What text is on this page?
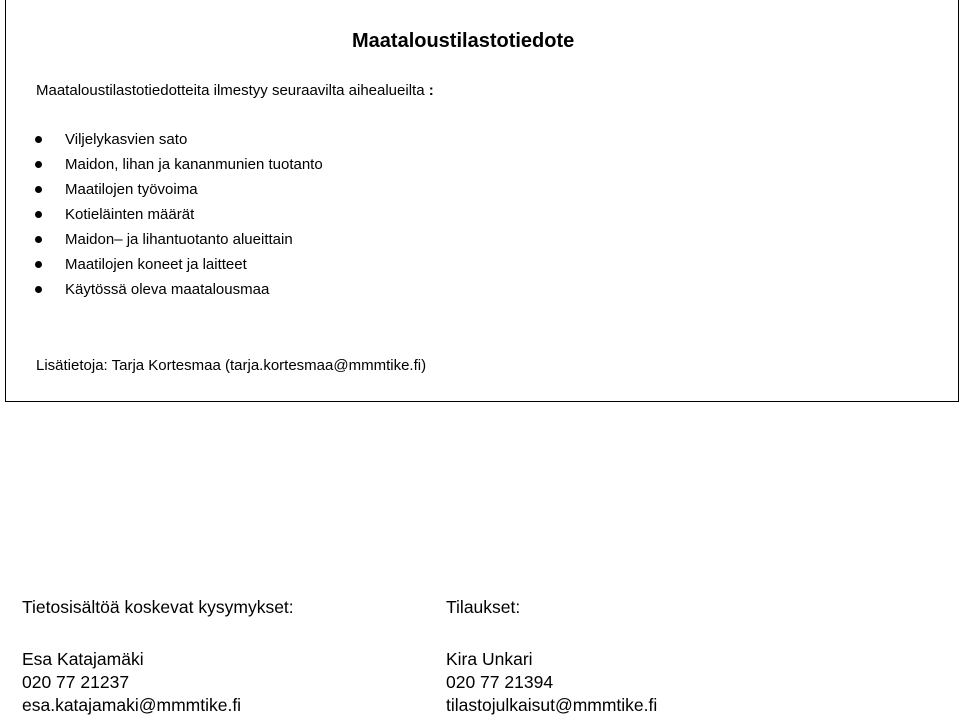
Maataloustilastotiedote
Maataloustilastotiedotteita ilmestyy seuraavilta aihealueilta :
Viljelykasvien sato
Maidon, lihan ja kananmunien tuotanto
Maatilojen työvoima
Kotieläinten määrät
Maidon– ja lihantuotanto alueittain
Maatilojen koneet ja laitteet
Käytössä oleva maatalousmaa
Lisätietoja: Tarja Kortesmaa (tarja.kortesmaa@mmmtike.fi)
Tietosisältöä koskevat kysymykset:
Esa Katajamäki
020 77 21237
esa.katajamaki@mmmtike.fi
Tilaukset:
Kira Unkari
020 77 21394
tilastojulkaisut@mmmtike.fi
